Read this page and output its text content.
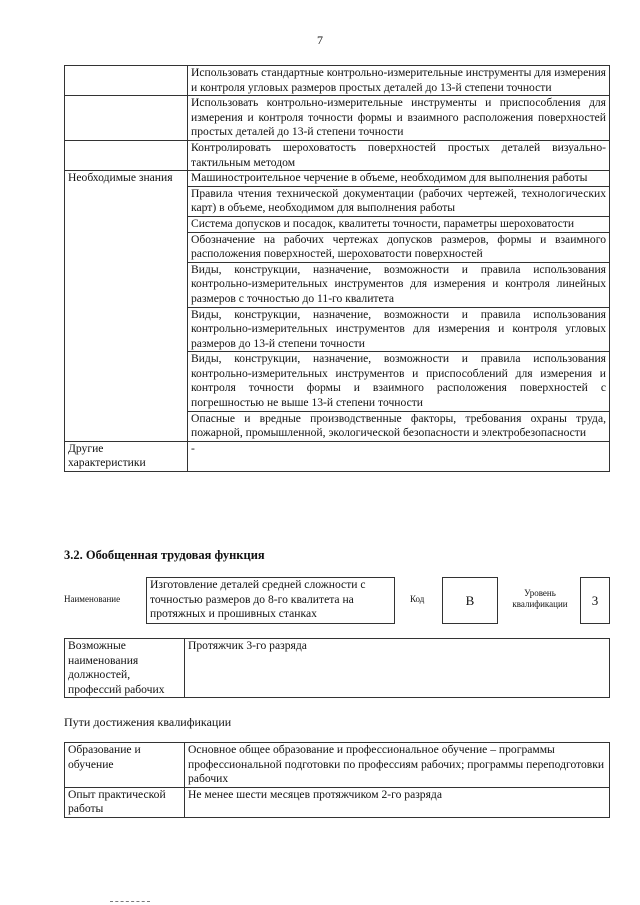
7
	Использовать стандартные контрольно-измерительные инструменты для измерения и контроля угловых размеров простых деталей до 13-й степени точности
	Использовать контрольно-измерительные инструменты и приспособления для измерения и контроля точности формы и взаимного расположения поверхностей простых деталей до 13-й степени точности
	Контролировать шероховатость поверхностей простых деталей визуально-тактильным методом
Необходимые знания	Машиностроительное черчение в объеме, необходимом для выполнения работы
	Правила чтения технической документации (рабочих чертежей, технологических карт) в объеме, необходимом для выполнения работы
	Система допусков и посадок, квалитеты точности, параметры шероховатости
	Обозначение на рабочих чертежах допусков размеров, формы и взаимного расположения поверхностей, шероховатости поверхностей
	Виды, конструкции, назначение, возможности и правила использования контрольно-измерительных инструментов для измерения и контроля линейных размеров с точностью до 11-го квалитета
	Виды, конструкции, назначение, возможности и правила использования контрольно-измерительных инструментов для измерения и контроля угловых размеров до 13-й степени точности
	Виды, конструкции, назначение, возможности и правила использования контрольно-измерительных инструментов и приспособлений для измерения и контроля точности формы и взаимного расположения поверхностей с погрешностью не выше 13-й степени точности
	Опасные и вредные производственные факторы, требования охраны труда, пожарной, промышленной, экологической безопасности и электробезопасности
Другие характеристики	-
3.2. Обобщенная трудовая функция
Наименование
Изготовление деталей средней сложности с точностью размеров до 8-го квалитета на протяжных и прошивных станках
Код	B	Уровень квалификации	3
Возможные наименования должностей, профессий рабочих	Протяжчик 3-го разряда
Пути достижения квалификации
Образование и обучение	Основное общее образование и профессиональное обучение – программы профессиональной подготовки по профессиям рабочих; программы переподготовки рабочих
Опыт практической работы	Не менее шести месяцев протяжчиком 2-го разряда
